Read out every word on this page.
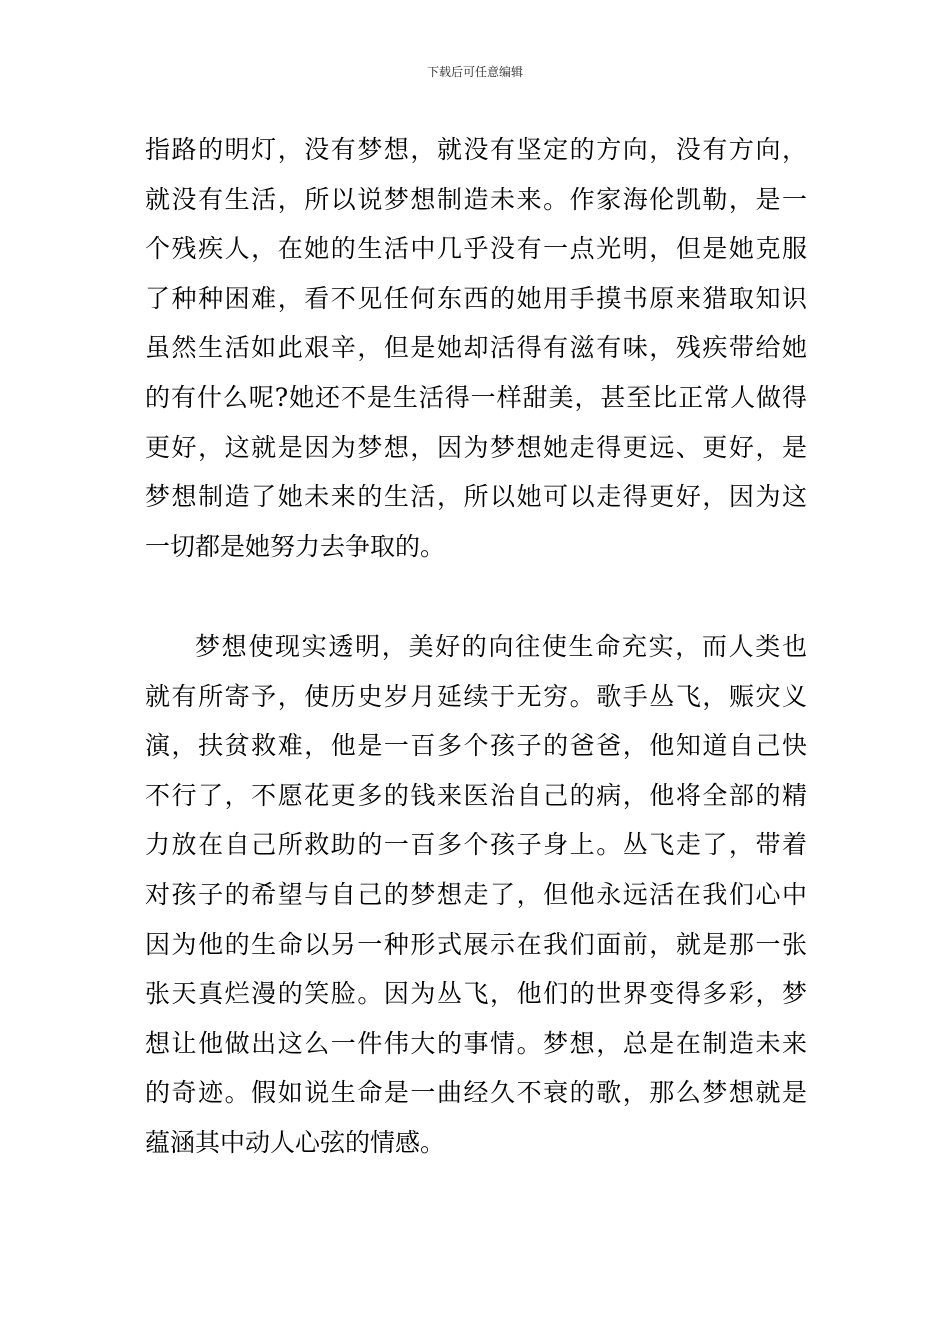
下载后可任意编辑
指路的明灯，没有梦想，就没有坚定的方向，没有方向，
就没有生活，所以说梦想制造未来。作家海伦凯勒，是一
个残疾人，在她的生活中几乎没有一点光明，但是她克服
了种种困难，看不见任何东西的她用手摸书原来猎取知识
虽然生活如此艰辛，但是她却活得有滋有味，残疾带给她
的有什么呢?她还不是生活得一样甜美，甚至比正常人做得
更好，这就是因为梦想，因为梦想她走得更远、更好，是
梦想制造了她未来的生活，所以她可以走得更好，因为这
一切都是她努力去争取的。
梦想使现实透明，美好的向往使生命充实，而人类也
就有所寄予，使历史岁月延续于无穷。歌手丛飞，赈灾义
演，扶贫救难，他是一百多个孩子的爸爸，他知道自己快
不行了，不愿花更多的钱来医治自己的病，他将全部的精
力放在自己所救助的一百多个孩子身上。丛飞走了，带着
对孩子的希望与自己的梦想走了，但他永远活在我们心中
因为他的生命以另一种形式展示在我们面前，就是那一张
张天真烂漫的笑脸。因为丛飞，他们的世界变得多彩，梦
想让他做出这么一件伟大的事情。梦想，总是在制造未来
的奇迹。假如说生命是一曲经久不衰的歌，那么梦想就是
蕴涵其中动人心弦的情感。
